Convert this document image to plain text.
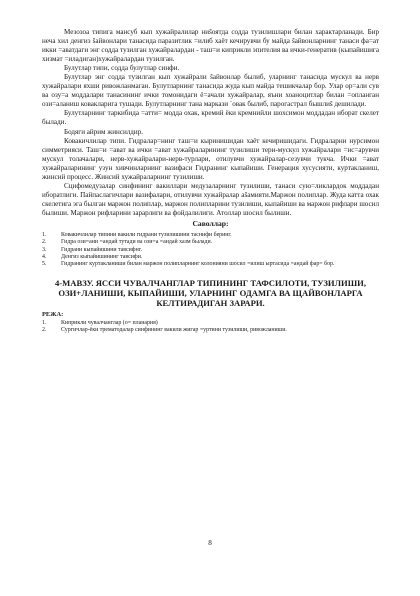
Мезозоа типига мансуб кып хужайралилар ниšоятда содда тузилишлари билан характарланади. Бир неча хил денгиз šайвонлари танасида паразитлик =илиб хаёт кечирувчи бу майда šайвонларнинг танаси фа=ат икки =аватдаги энг содда тузилган хужайралардан - таш=и киприкли эпителия ва ички-генератив (кыпайишига хизмат =иладиган)хужайралардан тузилган.

Булутлар типи, содда булутлар синфи.

Булутлар энг содда тузилган кып хужайрали šайвонлар былиб, уларнинг танасида мускул ва нерв хужайралари яхши ривожланмаган. Булутларнинг танасида жуда кып майда тешикчалар бор. Улар ор=али сув ва озу=а моддалари танасининг ички томонидаги ё=ачали хужайралар, яъни хоаноцитлар билан =опланган ози=аланиш ковакларига тушади. Булутларнинг тана маркази `овак былиб, парогастрал бышлиš дешилади.

Булутларнинг таркибида =атти= модда охак, кремий ёки кремнийли шохсимон моддадан иборат скелет былади.

Бодяги айрим жинсилдир.

Ковакичлилар типи. Гидралар=нинг таш=и кыринишидан хаёт кечиришидаги. Гидраларни нурсимон симметрияси. Таш=и =ават ва ички =ават хужайраларининг тузилиши тери-мускул хужайралари =ис=арувчи мускул толачалари, нерв-хужайралари-нерв-турлари, отилувчи хужайралар-сезувчи тукча. Ички =ават хужайраларининг узун хивчинларнинг вазифаси Гидранинг кыпайиши. Генерация хусусияти, куртакланиш, жинсий процесс. Жинсий хужайраларнинг тузилиши.

Сцифомедузалар синфининг вакиллари медузаларнинг тузилиши, танаси сую=ликлардок моддадан иборатлиги. Пайпаслагичлари вазифалари, отилувчи хужайралар аšамияти.Маржон полиплар. Жуда катта охак скелетига эга былган маржон полиплар, маржон полипларини тузилиши, кыпайиши ва маржон рифлари шосил былиши. Маржон рифларини зарарлиги ва фойдалилиги. Атоллар шосил былиши.

Саволлар:

1.	Ковакичлилар типини вакили гидрани тузилишини таснифи беринг.
2.	Гидра ози=ани =андай тутади ва ози=а =андай хазм былади.
3.	Гидрани кыпайишини тавсифнг.
4.	Денгиз кыпайишининг тавсифи.
5.	Гидранинг куртакланиши билан маржон полипларнинг колонияни шосил =илиш ыртасида =андай фар= бор.
4-МАВЗУ. ЯССИ ЧУВАЛЧАНГЛАР ТИПИНИНГ ТАФСИЛОТИ, ТУЗИЛИШИ, ОЗИ+ЛАНИШИ, КЫПАЙИШИ, УЛАРНИНГ ОДАМГА ВА ЩАЙВОНЛАРГА КЕЛТИРАДИГАН ЗАРАРИ.
РЕЖА:
1.	Киприкли чувалчанглар (о= планария)
2.	Сургичлар-ёки трематодалар синфининг вакили жигар =уртини тузилиши, ривожланиши.
8
